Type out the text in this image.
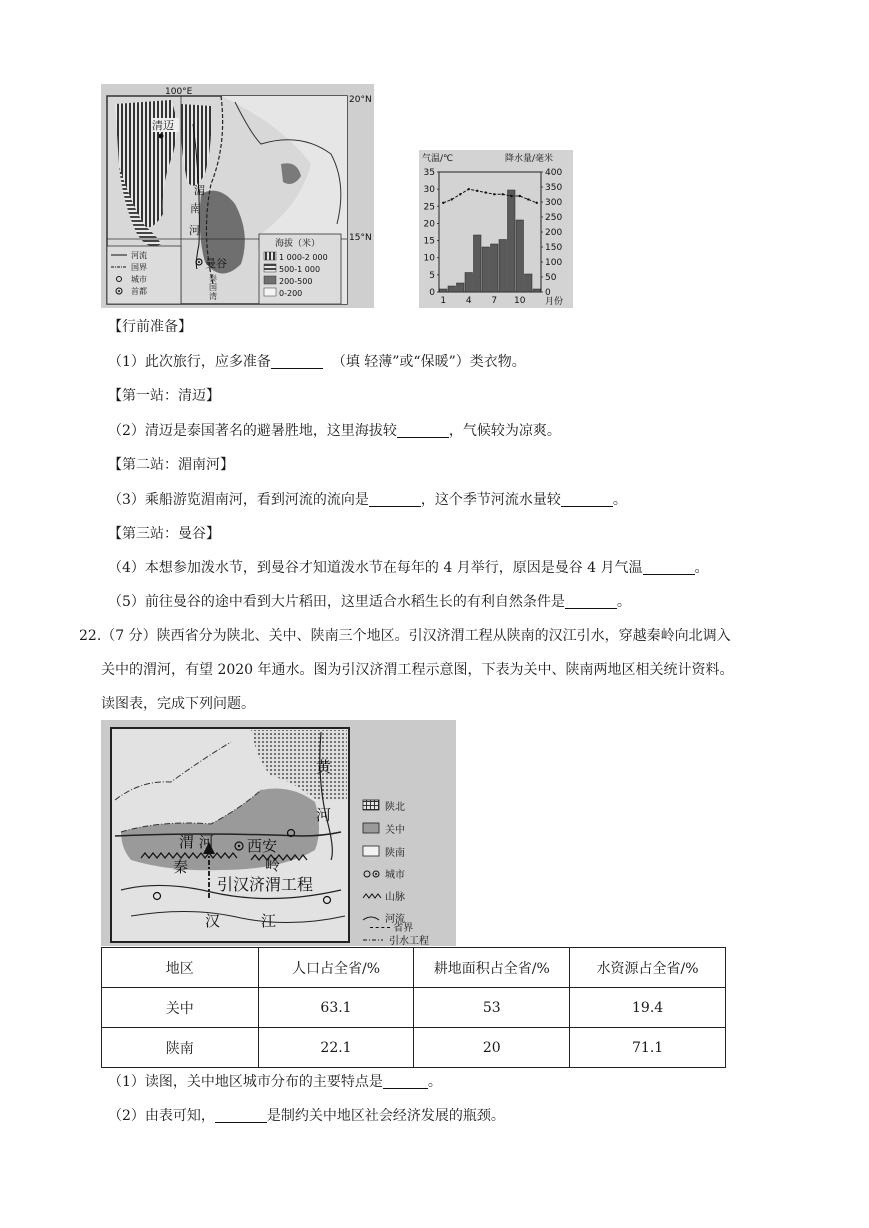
100°E
20°N
15°N
清迈
湄
南
河
曼谷
泰
国
湾
河流
国界
城市
首都
海拔（米）
1 000-2 000
500-1 000
200-500
0-200
气温/℃	降水量/毫米
0
5
10
15
20
25
30
35
0
50
100
150
200
250
300
350
400
1 4 7 10 月份
【行前准备】
（1）此次旅行，应多准备	（填 轻薄”或“保暖”）类衣物。
【第一站：清迈】
（2）清迈是泰国著名的避暑胜地，这里海拔较	，气候较为凉爽。
【第二站：湄南河】
（3）乘船游览湄南河，看到河流的流向是	，这个季节河流水量较	。
【第三站：曼谷】
（4）本想参加泼水节，到曼谷才知道泼水节在每年的 4 月举行，原因是曼谷 4 月气温	。
（5）前往曼谷的途中看到大片稻田，这里适合水稻生长的有利自然条件是	。
22.（7 分）陕西省分为陕北、关中、陕南三个地区。引汉济渭工程从陕南的汉江引水，穿越秦岭向北调入
关中的渭河，有望 2020 年通水。图为引汉济渭工程示意图，下表为关中、陕南两地区相关统计资料。
读图表，完成下列问题。
黄
河
渭 河 西安
秦	岭
引汉济渭工程
汉	江
陕北
关中
陕南
城市
山脉
河流
引水工程
省界
地区	人口占全省/%	耕地面积占全省/%	水资源占全省/%
关中	63.1	53	19.4
陕南	22.1	20	71.1
（1）读图，关中地区城市分布的主要特点是	。
（2）由表可知，	是制约关中地区社会经济发展的瓶颈。
